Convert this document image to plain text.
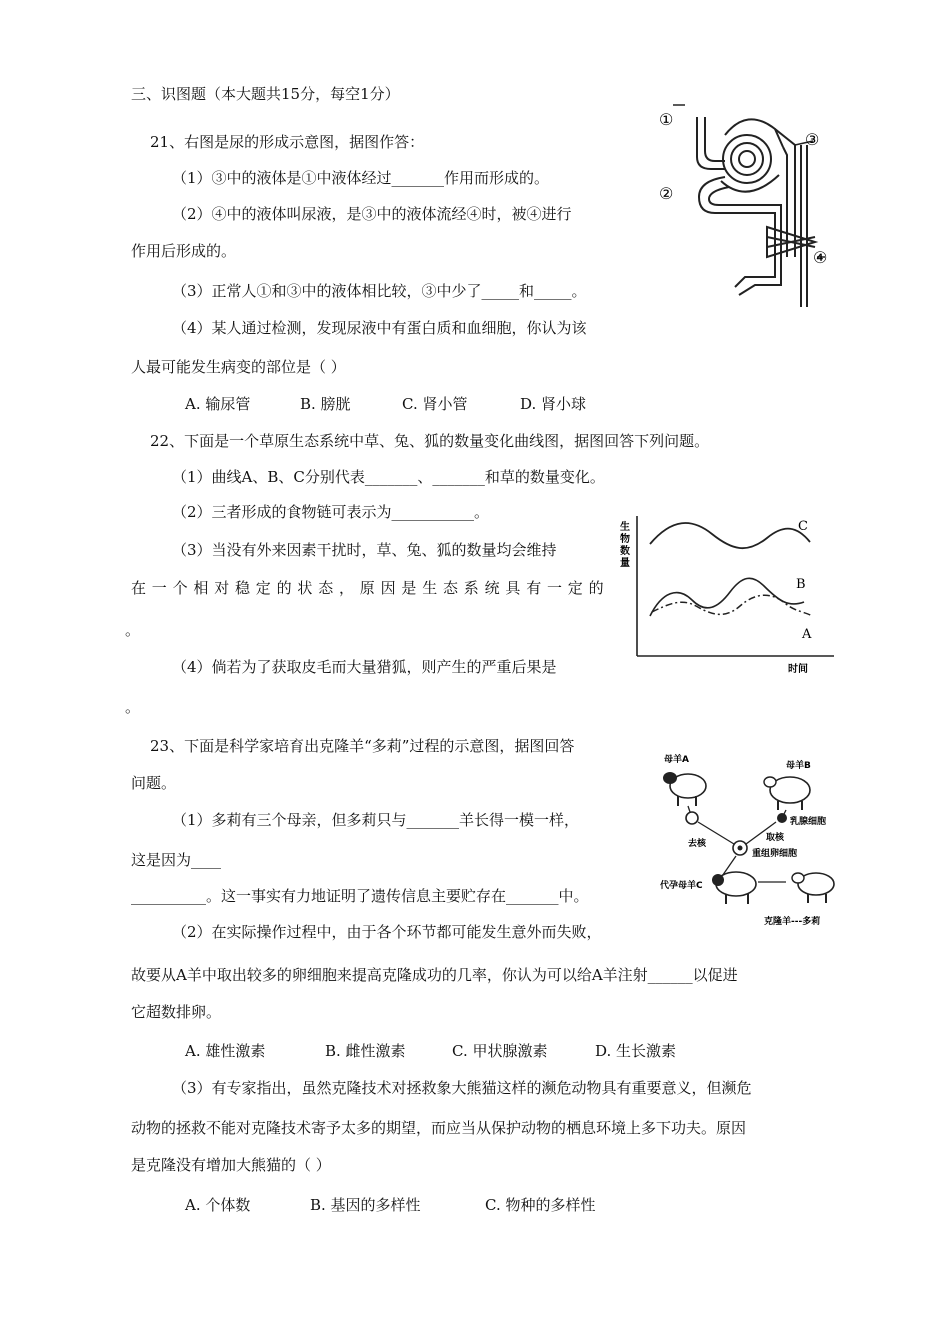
三、识图题（本大题共15分，每空1分）
21、右图是尿的形成示意图，据图作答：
（1）③中的液体是①中液体经过_______作用而形成的。
（2）④中的液体叫尿液，是③中的液体流经④时，被④进行
作用后形成的。
（3）正常人①和③中的液体相比较，③中少了_____和_____。
（4）某人通过检测，发现尿液中有蛋白质和血细胞，你认为该
人最可能发生病变的部位是（ ）
A. 输尿管	B. 膀胱	C. 肾小管	D. 肾小球
①
②
③
④
22、下面是一个草原生态系统中草、兔、狐的数量变化曲线图，据图回答下列问题。
（1）曲线A、B、C分别代表_______、_______和草的数量变化。
（2）三者形成的食物链可表示为___________。
（3）当没有外来因素干扰时，草、兔、狐的数量均会维持
在一个相对稳定的状态，原因是生态系统具有一定的
。
（4）倘若为了获取皮毛而大量猎狐，则产生的严重后果是
。
生
物
数
量
C
B
A
时间
23、下面是科学家培育出克隆羊“多莉”过程的示意图，据图回答
问题。
（1）多莉有三个母亲，但多莉只与_______羊长得一模一样，
这是因为____
__________。这一事实有力地证明了遗传信息主要贮存在_______中。
（2）在实际操作过程中，由于各个环节都可能发生意外而失败，
故要从A羊中取出较多的卵细胞来提高克隆成功的几率，你认为可以给A羊注射______以促进
它超数排卵。
A. 雄性激素	B. 雌性激素	C. 甲状腺激素	D. 生长激素
（3）有专家指出，虽然克隆技术对拯救象大熊猫这样的濒危动物具有重要意义，但濒危
动物的拯救不能对克隆技术寄予太多的期望，而应当从保护动物的栖息环境上多下功夫。原因
是克隆没有增加大熊猫的（ ）
A. 个体数	B. 基因的多样性	C. 物种的多样性
母羊A
母羊B
乳腺细胞
取核
去核
重组卵细胞
代孕母羊C
克隆羊---多莉
